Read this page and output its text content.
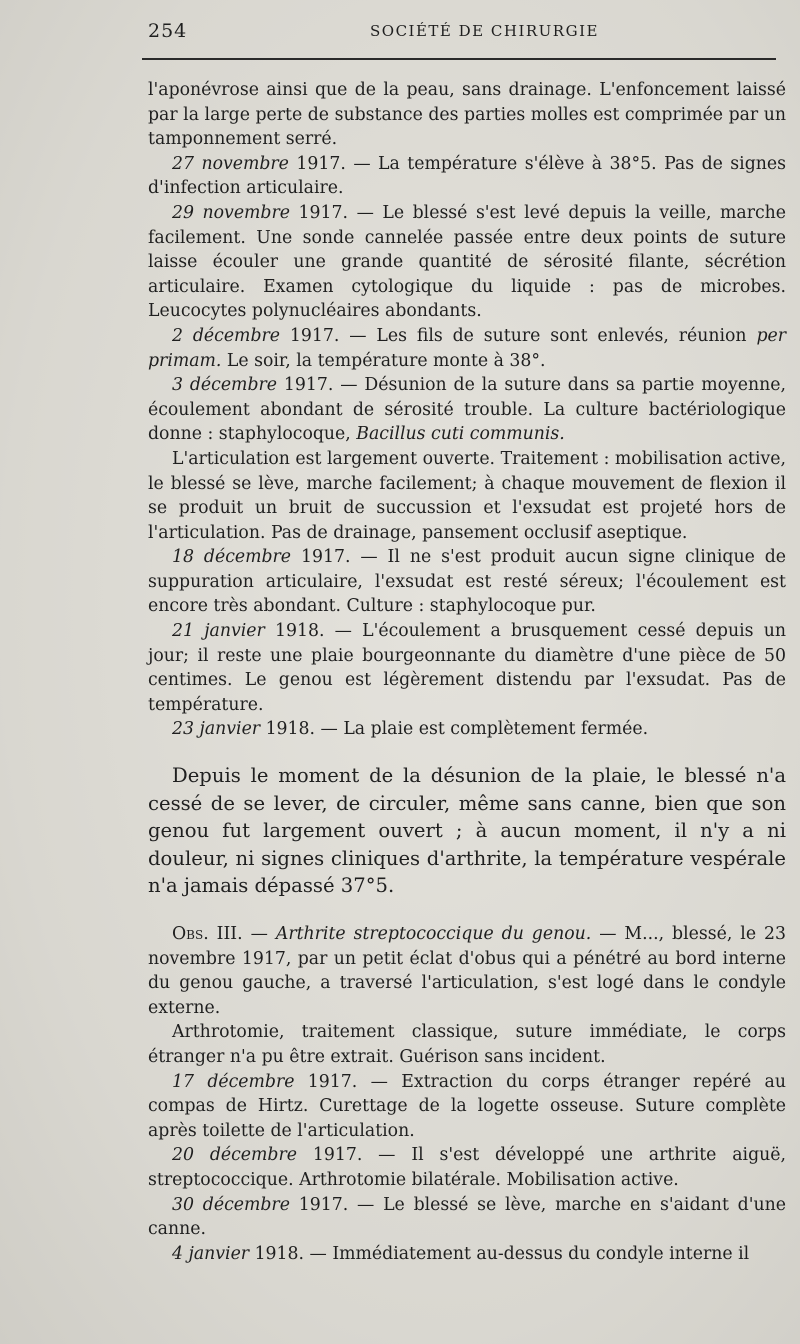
254	SOCIÉTÉ DE CHIRURGIE

l'aponévrose ainsi que de la peau, sans drainage. L'enfoncement laissé par la large perte de substance des parties molles est comprimée par un tamponnement serré.

27 novembre 1917. — La température s'élève à 38°5. Pas de signes d'infection articulaire.

29 novembre 1917. — Le blessé s'est levé depuis la veille, marche facilement. Une sonde cannelée passée entre deux points de suture laisse écouler une grande quantité de sérosité filante, sécrétion articulaire. Examen cytologique du liquide : pas de microbes. Leucocytes polynucléaires abondants.

2 décembre 1917. — Les fils de suture sont enlevés, réunion per primam. Le soir, la température monte à 38°.

3 décembre 1917. — Désunion de la suture dans sa partie moyenne, écoulement abondant de sérosité trouble. La culture bactériologique donne : staphylocoque, Bacillus cuti communis.

L'articulation est largement ouverte. Traitement : mobilisation active, le blessé se lève, marche facilement; à chaque mouvement de flexion il se produit un bruit de succussion et l'exsudat est projeté hors de l'articulation. Pas de drainage, pansement occlusif aseptique.

18 décembre 1917. — Il ne s'est produit aucun signe clinique de suppuration articulaire, l'exsudat est resté séreux; l'écoulement est encore très abondant. Culture : staphylocoque pur.

21 janvier 1918. — L'écoulement a brusquement cessé depuis un jour; il reste une plaie bourgeonnante du diamètre d'une pièce de 50 centimes. Le genou est légèrement distendu par l'exsudat. Pas de température.

23 janvier 1918. — La plaie est complètement fermée.

Depuis le moment de la désunion de la plaie, le blessé n'a cessé de se lever, de circuler, même sans canne, bien que son genou fut largement ouvert ; à aucun moment, il n'y a ni douleur, ni signes cliniques d'arthrite, la température vespérale n'a jamais dépassé 37°5.

Obs. III. — Arthrite streptococcique du genou. — M..., blessé, le 23 novembre 1917, par un petit éclat d'obus qui a pénétré au bord interne du genou gauche, a traversé l'articulation, s'est logé dans le condyle externe.

Arthrotomie, traitement classique, suture immédiate, le corps étranger n'a pu être extrait. Guérison sans incident.

17 décembre 1917. — Extraction du corps étranger repéré au compas de Hirtz. Curettage de la logette osseuse. Suture complète après toilette de l'articulation.

20 décembre 1917. — Il s'est développé une arthrite aiguë, streptococcique. Arthrotomie bilatérale. Mobilisation active.

30 décembre 1917. — Le blessé se lève, marche en s'aidant d'une canne.

4 janvier 1918. — Immédiatement au-dessus du condyle interne il
